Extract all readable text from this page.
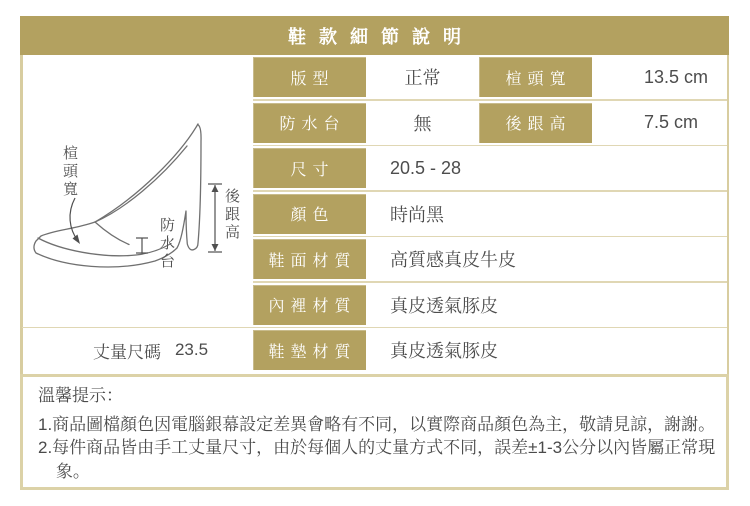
鞋款細節說明
楦頭寬
防水台
後跟高
版型	正常	楦頭寬	13.5 cm
防水台	無	後跟高	7.5 cm
尺寸	20.5 - 28
顏色	時尚黑
鞋面材質	高質感真皮牛皮
內裡材質	真皮透氣豚皮
丈量尺碼 23.5	鞋墊材質	真皮透氣豚皮
溫馨提示：
1.商品圖檔顏色因電腦銀幕設定差異會略有不同，以實際商品顏色為主，敬請見諒，謝謝。
2.每件商品皆由手工丈量尺寸，由於每個人的丈量方式不同，誤差±1-3公分以內皆屬正常現象。
